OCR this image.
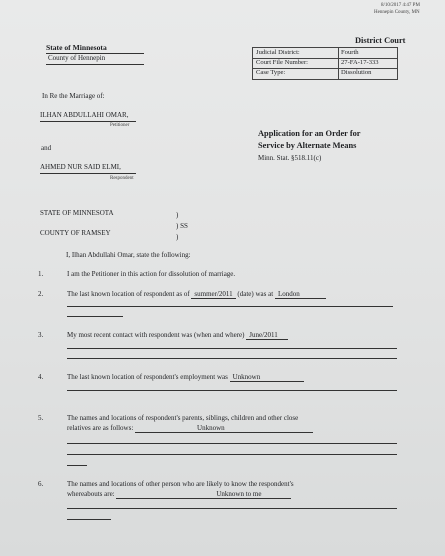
8/10/2017 4:47 PM
Hennepin County, MN
State of Minnesota
County of Hennepin
District Court
Judicial District:	Fourth
Court File Number:	27-FA-17-333
Case Type:	Dissolution
In Re the Marriage of:
ILHAN ABDULLAHI OMAR,
Petitioner
and
AHMED NUR SAID ELMI,
Respondent
Application for an Order for
Service by Alternate Means
Minn. Stat. §518.11(c)
STATE OF MINNESOTA	)
) SS
COUNTY OF RAMSEY	)
I, Ilhan Abdullahi Omar, state the following:
1.	I am the Petitioner in this action for dissolution of marriage.
2.	The last known location of respondent as of summer/2011 (date) was at London
3.	My most recent contact with respondent was (when and where) June/2011
4.	The last known location of respondent's employment was Unknown
5.	The names and locations of respondent's parents, siblings, children and other close
relatives are as follows:	Unknown
6.	The names and locations of other person who are likely to know the respondent's
whereabouts are:	Unknown to me
